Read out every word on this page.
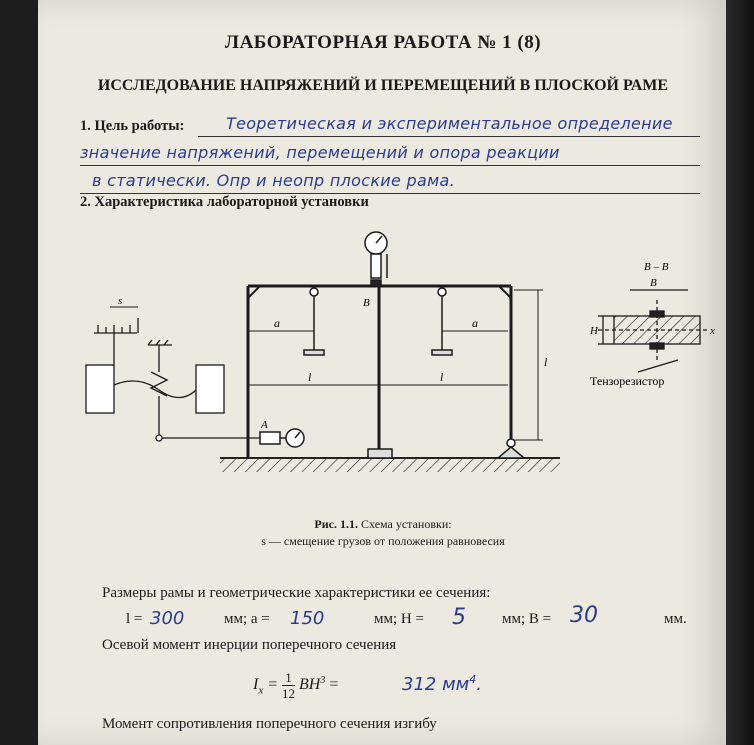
ЛАБОРАТОРНАЯ РАБОТА № 1 (8)
ИССЛЕДОВАНИЕ НАПРЯЖЕНИЙ И ПЕРЕМЕЩЕНИЙ В ПЛОСКОЙ РАМЕ
1. Цель работы:	Теоретическая и экспериментальное определение
значение напряжений, перемещений и опора реакции
в статически. Опр и неопр плоские рама.
2. Характеристика лабораторной установки
B
a	a
l	l
l
A
s
B – B
B
H	x
Тензорезистор
Рис. 1.1. Схема установки:
s — смещение грузов от положения равновесия
Размеры рамы и геометрические характеристики ее сечения:
l = 300	мм; a = 150	мм; H = 5 мм; B = 30	мм.
Осевой момент инерции поперечного сечения
$I_x = \frac{1}{12} BH^3$ =	312 $мм^4$.
Момент сопротивления поперечного сечения изгибу
